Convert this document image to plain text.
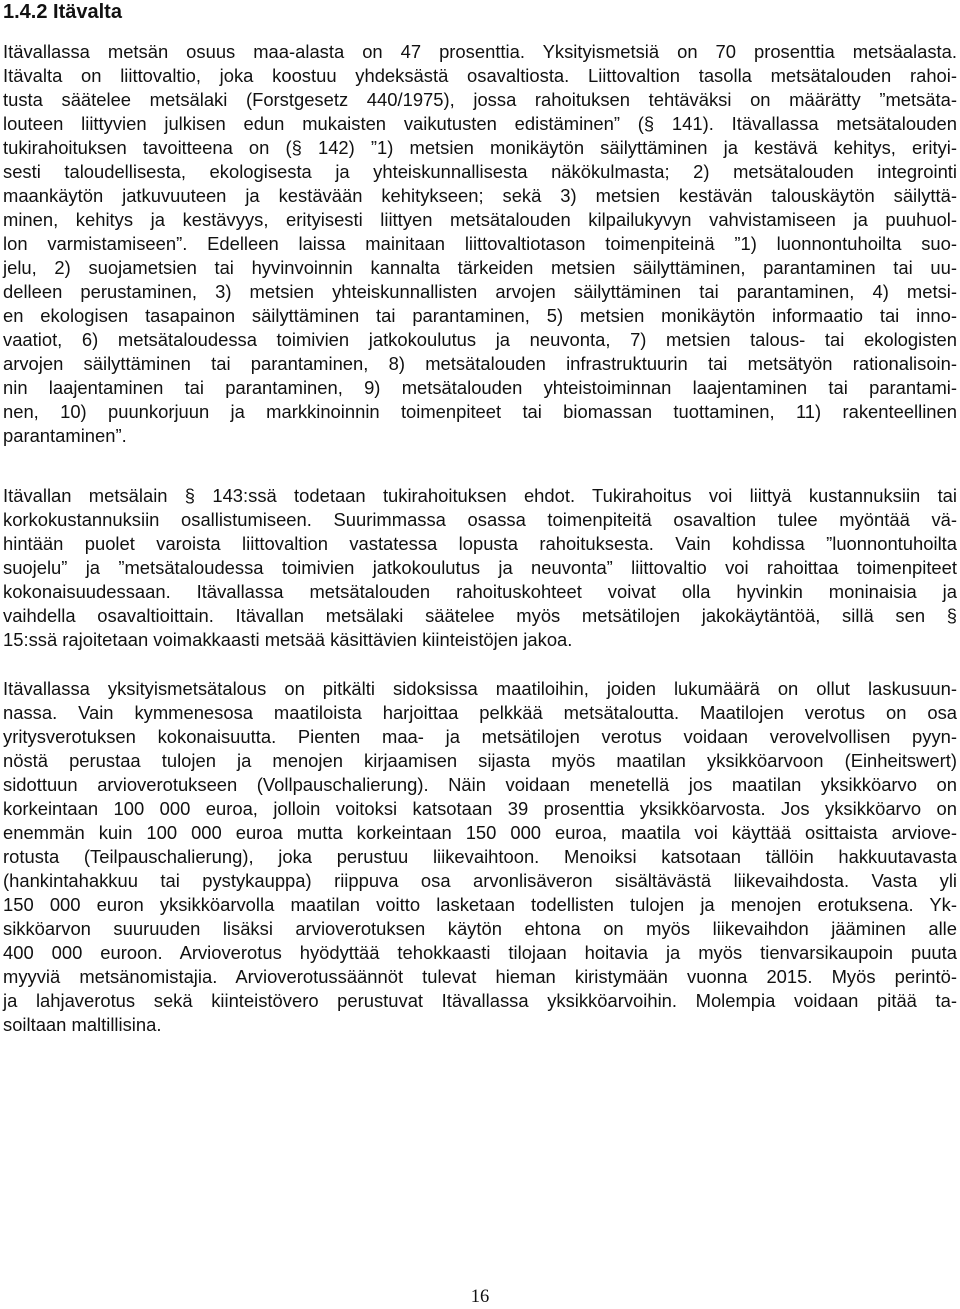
1.4.2 Itävalta

Itävallassa metsän osuus maa-alasta on 47 prosenttia. Yksityismetsiä on 70 prosenttia metsäalasta.
Itävalta on liittovaltio, joka koostuu yhdeksästä osavaltiosta. Liittovaltion tasolla metsätalouden rahoi-
tusta säätelee metsälaki (Forstgesetz 440/1975), jossa rahoituksen tehtäväksi on määrätty ”metsäta-
louteen liittyvien julkisen edun mukaisten vaikutusten edistäminen” (§ 141). Itävallassa metsätalouden
tukirahoituksen tavoitteena on (§ 142) ”1) metsien monikäytön säilyttäminen ja kestävä kehitys, erityi-
sesti taloudellisesta, ekologisesta ja yhteiskunnallisesta näkökulmasta; 2) metsätalouden integrointi
maankäytön jatkuvuuteen ja kestävään kehitykseen; sekä 3) metsien kestävän talouskäytön säilyttä-
minen, kehitys ja kestävyys, erityisesti liittyen metsätalouden kilpailukyvyn vahvistamiseen ja puuhuol-
lon varmistamiseen”. Edelleen laissa mainitaan liittovaltiotason toimenpiteinä ”1) luonnontuhoilta suo-
jelu, 2) suojametsien tai hyvinvoinnin kannalta tärkeiden metsien säilyttäminen, parantaminen tai uu-
delleen perustaminen, 3) metsien yhteiskunnallisten arvojen säilyttäminen tai parantaminen, 4) metsi-
en ekologisen tasapainon säilyttäminen tai parantaminen, 5) metsien monikäytön informaatio tai inno-
vaatiot, 6) metsätaloudessa toimivien jatkokoulutus ja neuvonta, 7) metsien talous- tai ekologisten
arvojen säilyttäminen tai parantaminen, 8) metsätalouden infrastruktuurin tai metsätyön rationalisoin-
nin laajentaminen tai parantaminen, 9) metsätalouden yhteistoiminnan laajentaminen tai parantami-
nen, 10) puunkorjuun ja markkinoinnin toimenpiteet tai biomassan tuottaminen, 11) rakenteellinen
parantaminen”.

Itävallan metsälain § 143:ssä todetaan tukirahoituksen ehdot. Tukirahoitus voi liittyä kustannuksiin tai
korkokustannuksiin osallistumiseen. Suurimmassa osassa toimenpiteitä osavaltion tulee myöntää vä-
hintään puolet varoista liittovaltion vastatessa lopusta rahoituksesta. Vain kohdissa ”luonnontuhoilta
suojelu” ja ”metsätaloudessa toimivien jatkokoulutus ja neuvonta” liittovaltio voi rahoittaa toimenpiteet
kokonaisuudessaan. Itävallassa metsätalouden rahoituskohteet voivat olla hyvinkin moninaisia ja
vaihdella osavaltioittain. Itävallan metsälaki säätelee myös metsätilojen jakokäytäntöä, sillä sen §
15:ssä rajoitetaan voimakkaasti metsää käsittävien kiinteistöjen jakoa.

Itävallassa yksityismetsätalous on pitkälti sidoksissa maatiloihin, joiden lukumäärä on ollut laskusuun-
nassa. Vain kymmenesosa maatiloista harjoittaa pelkkää metsätaloutta. Maatilojen verotus on osa
yritysverotuksen kokonaisuutta. Pienten maa- ja metsätilojen verotus voidaan verovelvollisen pyyn-
nöstä perustaa tulojen ja menojen kirjaamisen sijasta myös maatilan yksikköarvoon (Einheitswert)
sidottuun arvioverotukseen (Vollpauschalierung). Näin voidaan menetellä jos maatilan yksikköarvo on
korkeintaan 100 000 euroa, jolloin voitoksi katsotaan 39 prosenttia yksikköarvosta. Jos yksikköarvo on
enemmän kuin 100 000 euroa mutta korkeintaan 150 000 euroa, maatila voi käyttää osittaista arviove-
rotusta (Teilpauschalierung), joka perustuu liikevaihtoon. Menoiksi katsotaan tällöin hakkuutavasta
(hankintahakkuu tai pystykauppa) riippuva osa arvonlisäveron sisältävästä liikevaihdosta. Vasta yli
150 000 euron yksikköarvolla maatilan voitto lasketaan todellisten tulojen ja menojen erotuksena. Yk-
sikköarvon suuruuden lisäksi arvioverotuksen käytön ehtona on myös liikevaihdon jääminen alle
400 000 euroon. Arvioverotus hyödyttää tehokkaasti tilojaan hoitavia ja myös tienvarsikaupoin puuta
myyviä metsänomistajia. Arvioverotussäännöt tulevat hieman kiristymään vuonna 2015. Myös perintö-
ja lahjaverotus sekä kiinteistövero perustuvat Itävallassa yksikköarvoihin. Molempia voidaan pitää ta-
soiltaan maltillisina.

16
